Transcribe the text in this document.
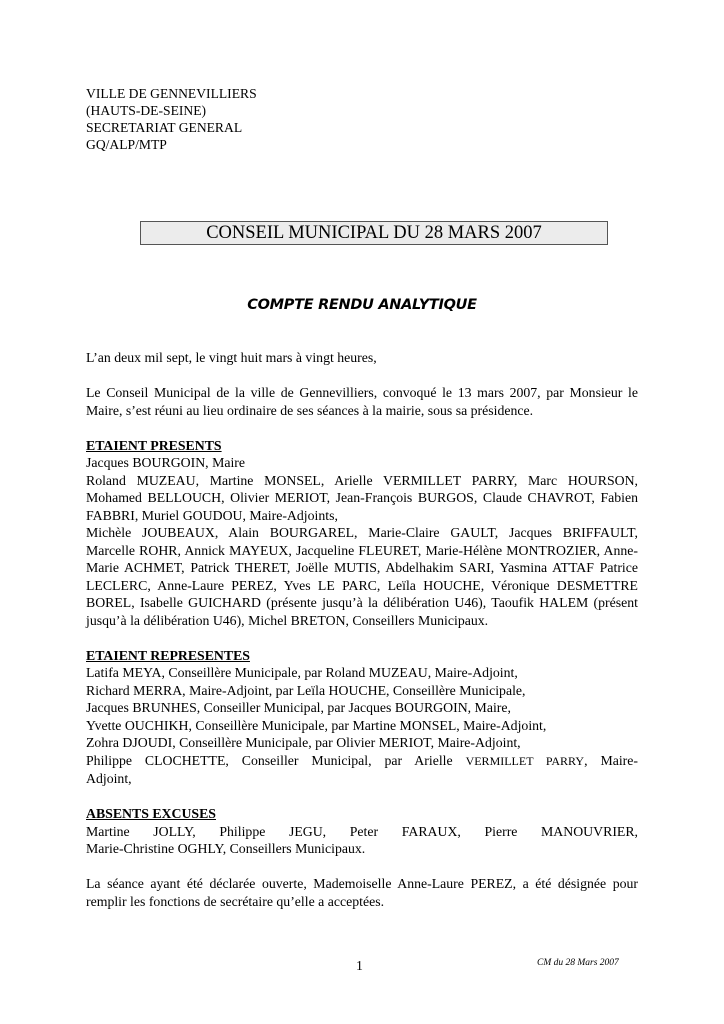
VILLE DE GENNEVILLIERS
(HAUTS-DE-SEINE)
SECRETARIAT GENERAL
GQ/ALP/MTP
CONSEIL MUNICIPAL DU 28 MARS 2007
COMPTE RENDU ANALYTIQUE

L’an deux mil sept, le vingt huit mars à vingt heures,

Le Conseil Municipal de la ville de Gennevilliers, convoqué le 13 mars 2007, par Monsieur le Maire, s’est réuni au lieu ordinaire de ses séances à la mairie, sous sa présidence.

ETAIENT PRESENTS
Jacques BOURGOIN, Maire
Roland MUZEAU, Martine MONSEL, Arielle VERMILLET PARRY, Marc HOURSON, Mohamed BELLOUCH, Olivier MERIOT, Jean-François BURGOS, Claude CHAVROT, Fabien FABBRI, Muriel GOUDOU, Maire-Adjoints,
Michèle JOUBEAUX, Alain BOURGAREL, Marie-Claire GAULT, Jacques BRIFFAULT, Marcelle ROHR, Annick MAYEUX, Jacqueline FLEURET, Marie-Hélène MONTROZIER, Anne-Marie ACHMET, Patrick THERET, Joëlle MUTIS, Abdelhakim SARI, Yasmina ATTAF Patrice LECLERC, Anne-Laure PEREZ, Yves LE PARC, Leïla HOUCHE, Véronique DESMETTRE BOREL, Isabelle GUICHARD (présente jusqu’à la délibération U46), Taoufik HALEM (présent jusqu’à la délibération U46), Michel BRETON, Conseillers Municipaux.
ETAIENT REPRESENTES
Latifa MEYA, Conseillère Municipale, par Roland MUZEAU, Maire-Adjoint,
Richard MERRA, Maire-Adjoint, par Leïla HOUCHE, Conseillère Municipale,
Jacques BRUNHES, Conseiller Municipal, par Jacques BOURGOIN, Maire,
Yvette OUCHIKH, Conseillère Municipale, par Martine MONSEL, Maire-Adjoint,
Zohra DJOUDI, Conseillère Municipale, par Olivier MERIOT, Maire-Adjoint,
Philippe CLOCHETTE, Conseiller Municipal, par Arielle VERMILLET PARRY, Maire-
Adjoint,
ABSENTS EXCUSES
Martine JOLLY, Philippe JEGU, Peter FARAUX, Pierre MANOUVRIER,
Marie-Christine OGHLY, Conseillers Municipaux.

La séance ayant été déclarée ouverte, Mademoiselle Anne-Laure PEREZ, a été désignée pour remplir les fonctions de secrétaire qu’elle a acceptées.

1	CM du 28 Mars 2007
